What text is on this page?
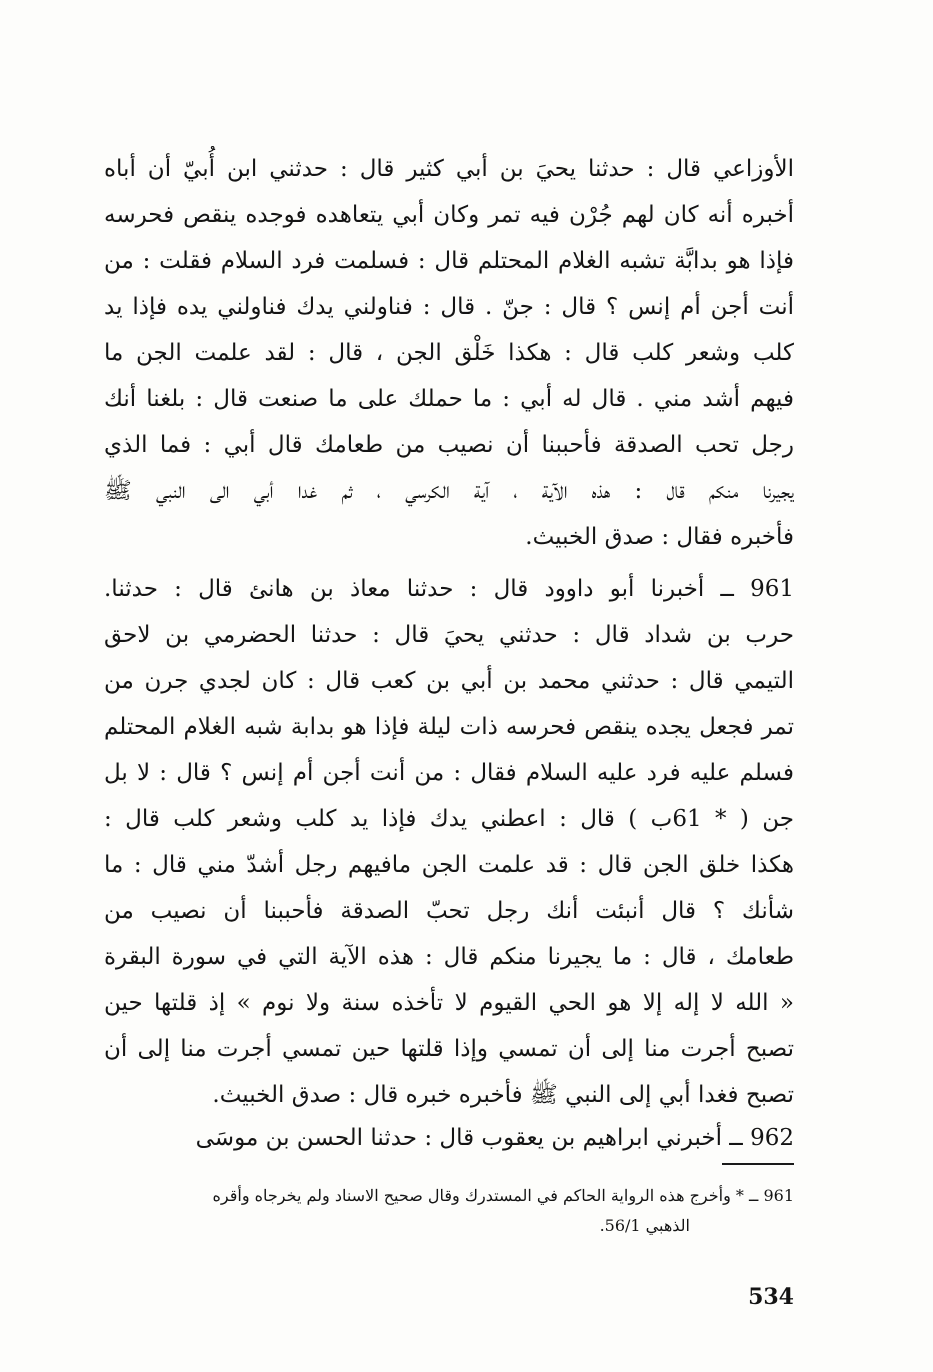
الأوزاعي قال : حدثنا يحيَ بن أبي كثير قال : حدثني ابن أُبيّ أن أباه
أخبره أنه كان لهم جُرْن فيه تمر وكان أبي يتعاهده فوجده ينقص فحرسه
فإذا هو بدابَّة تشبه الغلام المحتلم قال : فسلمت فرد السلام فقلت : من
أنت أجن أم إنس ؟ قال : جنّ . قال : فناولني يدك فناولني يده فإذا يد
كلب وشعر كلب قال : هكذا خَلْق الجن ، قال : لقد علمت الجن ما
فيهم أشد مني . قال له أبي : ما حملك على ما صنعت قال : بلغنا أنك
رجل تحب الصدقة فأحببنا أن نصيب من طعامك قال أبي : فما الذي
يجيرنا منكم قال : هذه الآية ، آية الكرسي ، ثم غدا أبي الى النبي ﷺ
فأخبره فقال : صدق الخبيث.
961 ــ أخبرنا أبو داوود قال : حدثنا معاذ بن هانئ قال : حدثنا.
حرب بن شداد قال : حدثني يحيَ قال : حدثنا الحضرمي بن لاحق
التيمي قال : حدثني محمد بن أبي بن كعب قال : كان لجدي جرن من
تمر فجعل يجده ينقص فحرسه ذات ليلة فإذا هو بدابة شبه الغلام المحتلم
فسلم عليه فرد عليه السلام فقال : من أنت أجن أم إنس ؟ قال : لا بل
جن ( * 61ب ) قال : اعطني يدك فإذا يد كلب وشعر كلب قال :
هكذا خلق الجن قال : قد علمت الجن مافيهم رجل أشدّ مني قال : ما
شأنك ؟ قال أنبئت أنك رجل تحبّ الصدقة فأحببنا أن نصيب من
طعامك ، قال : ما يجيرنا منكم قال : هذه الآية التي في سورة البقرة
« الله لا إله إلا هو الحي القيوم لا تأخذه سنة ولا نوم » إذ قلتها حين
تصبح أجرت منا إلى أن تمسي وإذا قلتها حين تمسي أجرت منا إلى أن
تصبح فغدا أبي إلى النبي ﷺ فأخبره خبره قال : صدق الخبيث.
962 ــ أخبرني ابراهيم بن يعقوب قال : حدثنا الحسن بن موسَى
961 ــ * وأخرج هذه الرواية الحاكم في المستدرك وقال صحيح الاسناد ولم يخرجاه وأقره
الذهبي 56/1.
534
